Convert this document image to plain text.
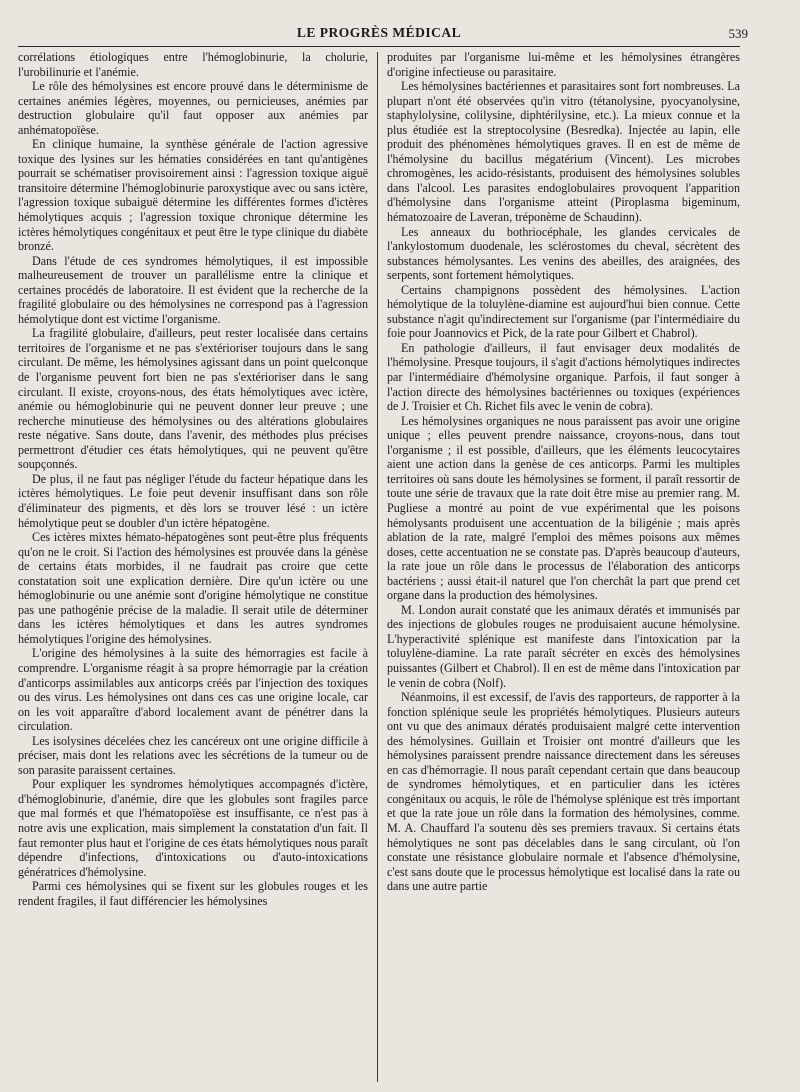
LE PROGRÈS MÉDICAL	539

corrélations étiologiques entre l'hémoglobinurie, la cholurie, l'urobilinurie et l'anémie.

Le rôle des hémolysines est encore prouvé dans le déterminisme de certaines anémies légères, moyennes, ou pernicieuses, anémies par destruction globulaire qu'il faut opposer aux anémies par anhématopoïèse.

En clinique humaine, la synthèse générale de l'action agressive toxique des lysines sur les hématies considérées en tant qu'antigènes pourrait se schématiser provisoirement ainsi : l'agression toxique aiguë transitoire détermine l'hémoglobinurie paroxystique avec ou sans ictère, l'agression toxique subaiguë détermine les différentes formes d'ictères hémolytiques acquis ; l'agression toxique chronique détermine les ictères hémolytiques congénitaux et peut être le type clinique du diabète bronzé.

Dans l'étude de ces syndromes hémolytiques, il est impossible malheureusement de trouver un parallélisme entre la clinique et certaines procédés de laboratoire. Il est évident que la recherche de la fragilité globulaire ou des hémolysines ne correspond pas à l'agression hémolytique dont est victime l'organisme.

La fragilité globulaire, d'ailleurs, peut rester localisée dans certains territoires de l'organisme et ne pas s'extérioriser toujours dans le sang circulant. De même, les hémolysines agissant dans un point quelconque de l'organisme peuvent fort bien ne pas s'extérioriser dans le sang circulant. Il existe, croyons-nous, des états hémolytiques avec ictère, anémie ou hémoglobinurie qui ne peuvent donner leur preuve ; une recherche minutieuse des hémolysines ou des altérations globulaires reste négative. Sans doute, dans l'avenir, des méthodes plus précises permettront d'étudier ces états hémolytiques, qui ne peuvent qu'être soupçonnés.

De plus, il ne faut pas négliger l'étude du facteur hépatique dans les ictères hémolytiques. Le foie peut devenir insuffisant dans son rôle d'éliminateur des pigments, et dès lors se trouver lésé : un ictère hémolytique peut se doubler d'un ictère hépatogène.

Ces ictères mixtes hémato-hépatogènes sont peut-être plus fréquents qu'on ne le croit. Si l'action des hémolysines est prouvée dans la génèse de certains états morbides, il ne faudrait pas croire que cette constatation soit une explication dernière. Dire qu'un ictère ou une hémoglobinurie ou une anémie sont d'origine hémolytique ne constitue pas une pathogénie précise de la maladie. Il serait utile de déterminer dans les ictères hémolytiques et dans les autres syndromes hémolytiques l'origine des hémolysines.

L'origine des hémolysines à la suite des hémorragies est facile à comprendre. L'organisme réagit à sa propre hémorragie par la création d'anticorps assimilables aux anticorps créés par l'injection des toxiques ou des virus. Les hémolysines ont dans ces cas une origine locale, car on les voit apparaître d'abord localement avant de pénétrer dans la circulation.

Les isolysines décelées chez les cancéreux ont une origine difficile à préciser, mais dont les relations avec les sécrétions de la tumeur ou de son parasite paraissent certaines.

Pour expliquer les syndromes hémolytiques accompagnés d'ictère, d'hémoglobinurie, d'anémie, dire que les globules sont fragiles parce que mal formés et que l'hématopoïèse est insuffisante, ce n'est pas à notre avis une explication, mais simplement la constatation d'un fait. Il faut remonter plus haut et l'origine de ces états hémolytiques nous paraît dépendre d'infections, d'intoxications ou d'auto-intoxications génératrices d'hémolysine.

Parmi ces hémolysines qui se fixent sur les globules rouges et les rendent fragiles, il faut différencier les hémolysines

produites par l'organisme lui-même et les hémolysines étrangères d'origine infectieuse ou parasitaire.

Les hémolysines bactériennes et parasitaires sont fort nombreuses. La plupart n'ont été observées qu'in vitro (tétanolysine, pyocyanolysine, staphylolysine, colilysine, diphtérilysine, etc.). La mieux connue et la plus étudiée est la streptocolysine (Besredka). Injectée au lapin, elle produit des phénomènes hémolytiques graves. Il en est de même de l'hémolysine du bacillus mégatérium (Vincent). Les microbes chromogènes, les acido-résistants, produisent des hémolysines solubles dans l'alcool. Les parasites endoglobulaires provoquent l'apparition d'hémolysine dans l'organisme atteint (Piroplasma bigeminum, hématozoaire de Laveran, tréponème de Schaudinn).

Les anneaux du bothriocéphale, les glandes cervicales de l'ankylostomum duodenale, les sclérostomes du cheval, sécrètent des substances hémolysantes. Les venins des abeilles, des araignées, des serpents, sont fortement hémolytiques.

Certains champignons possèdent des hémolysines. L'action hémolytique de la toluylène-diamine est aujourd'hui bien connue. Cette substance n'agit qu'indirectement sur l'organisme (par l'intermédiaire du foie pour Joannovics et Pick, de la rate pour Gilbert et Chabrol).

En pathologie d'ailleurs, il faut envisager deux modalités de l'hémolysine. Presque toujours, il s'agit d'actions hémolytiques indirectes par l'intermédiaire d'hémolysine organique. Parfois, il faut songer à l'action directe des hémolysines bactériennes ou toxiques (expériences de J. Troisier et Ch. Richet fils avec le venin de cobra).

Les hémolysines organiques ne nous paraissent pas avoir une origine unique ; elles peuvent prendre naissance, croyons-nous, dans tout l'organisme ; il est possible, d'ailleurs, que les éléments leucocytaires aient une action dans la genèse de ces anticorps. Parmi les multiples territoires où sans doute les hémolysines se forment, il paraît ressortir de toute une série de travaux que la rate doit être mise au premier rang. M. Pugliese a montré au point de vue expérimental que les poisons hémolysants produisent une accentuation de la biligénie ; mais après ablation de la rate, malgré l'emploi des mêmes poisons aux mêmes doses, cette accentuation ne se constate pas. D'après beaucoup d'auteurs, la rate joue un rôle dans le processus de l'élaboration des anticorps bactériens ; aussi était-il naturel que l'on cherchât la part que prend cet organe dans la production des hémolysines.

M. London aurait constaté que les animaux dératés et immunisés par des injections de globules rouges ne produisaient aucune hémolysine. L'hyperactivité splénique est manifeste dans l'intoxication par la toluylène-diamine. La rate paraît sécréter en excès des hémolysines puissantes (Gilbert et Chabrol). Il en est de même dans l'intoxication par le venin de cobra (Nolf).

Néanmoins, il est excessif, de l'avis des rapporteurs, de rapporter à la fonction splénique seule les propriétés hémolytiques. Plusieurs auteurs ont vu que des animaux dératés produisaient malgré cette intervention des hémolysines. Guillain et Troisier ont montré d'ailleurs que les hémolysines paraissent prendre naissance directement dans les séreuses en cas d'hémorragie. Il nous paraît cependant certain que dans beaucoup de syndromes hémolytiques, et en particulier dans les ictères congénitaux ou acquis, le rôle de l'hémolyse splénique est très important et que la rate joue un rôle dans la formation des hémolysines, comme. M. A. Chauffard l'a soutenu dès ses premiers travaux. Si certains états hémolytiques ne sont pas décelables dans le sang circulant, où l'on constate une résistance globulaire normale et l'absence d'hémolysine, c'est sans doute que le processus hémolytique est localisé dans la rate ou dans une autre partie
